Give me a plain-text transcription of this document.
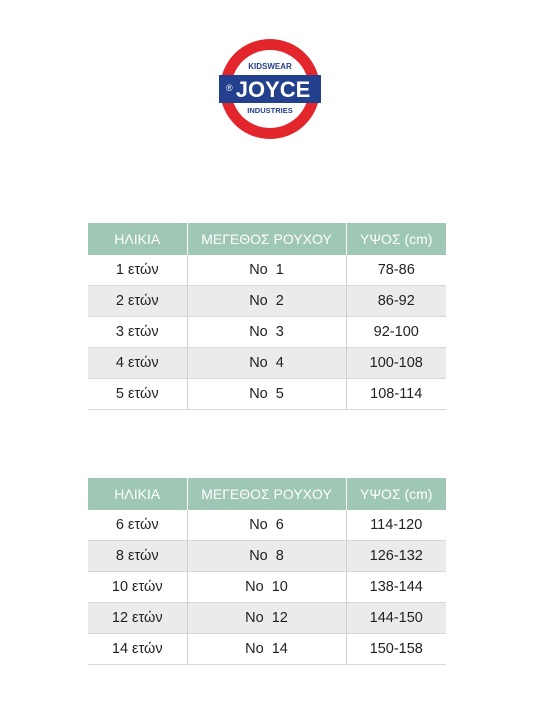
KIDSWEAR
® JOYCE
INDUSTRIES
ΗΛΙΚΙΑ	ΜΕΓΕΘΟΣ ΡΟΥΧΟΥ	ΥΨΟΣ (cm)
1 ετών	No 1	78-86
2 ετών	No 2	86-92
3 ετών	No 3	92-100
4 ετών	No 4	100-108
5 ετών	No 5	108-114
ΗΛΙΚΙΑ	ΜΕΓΕΘΟΣ ΡΟΥΧΟΥ	ΥΨΟΣ (cm)
6 ετών	No 6	114-120
8 ετών	No 8	126-132
10 ετών	No 10	138-144
12 ετών	No 12	144-150
14 ετών	No 14	150-158
